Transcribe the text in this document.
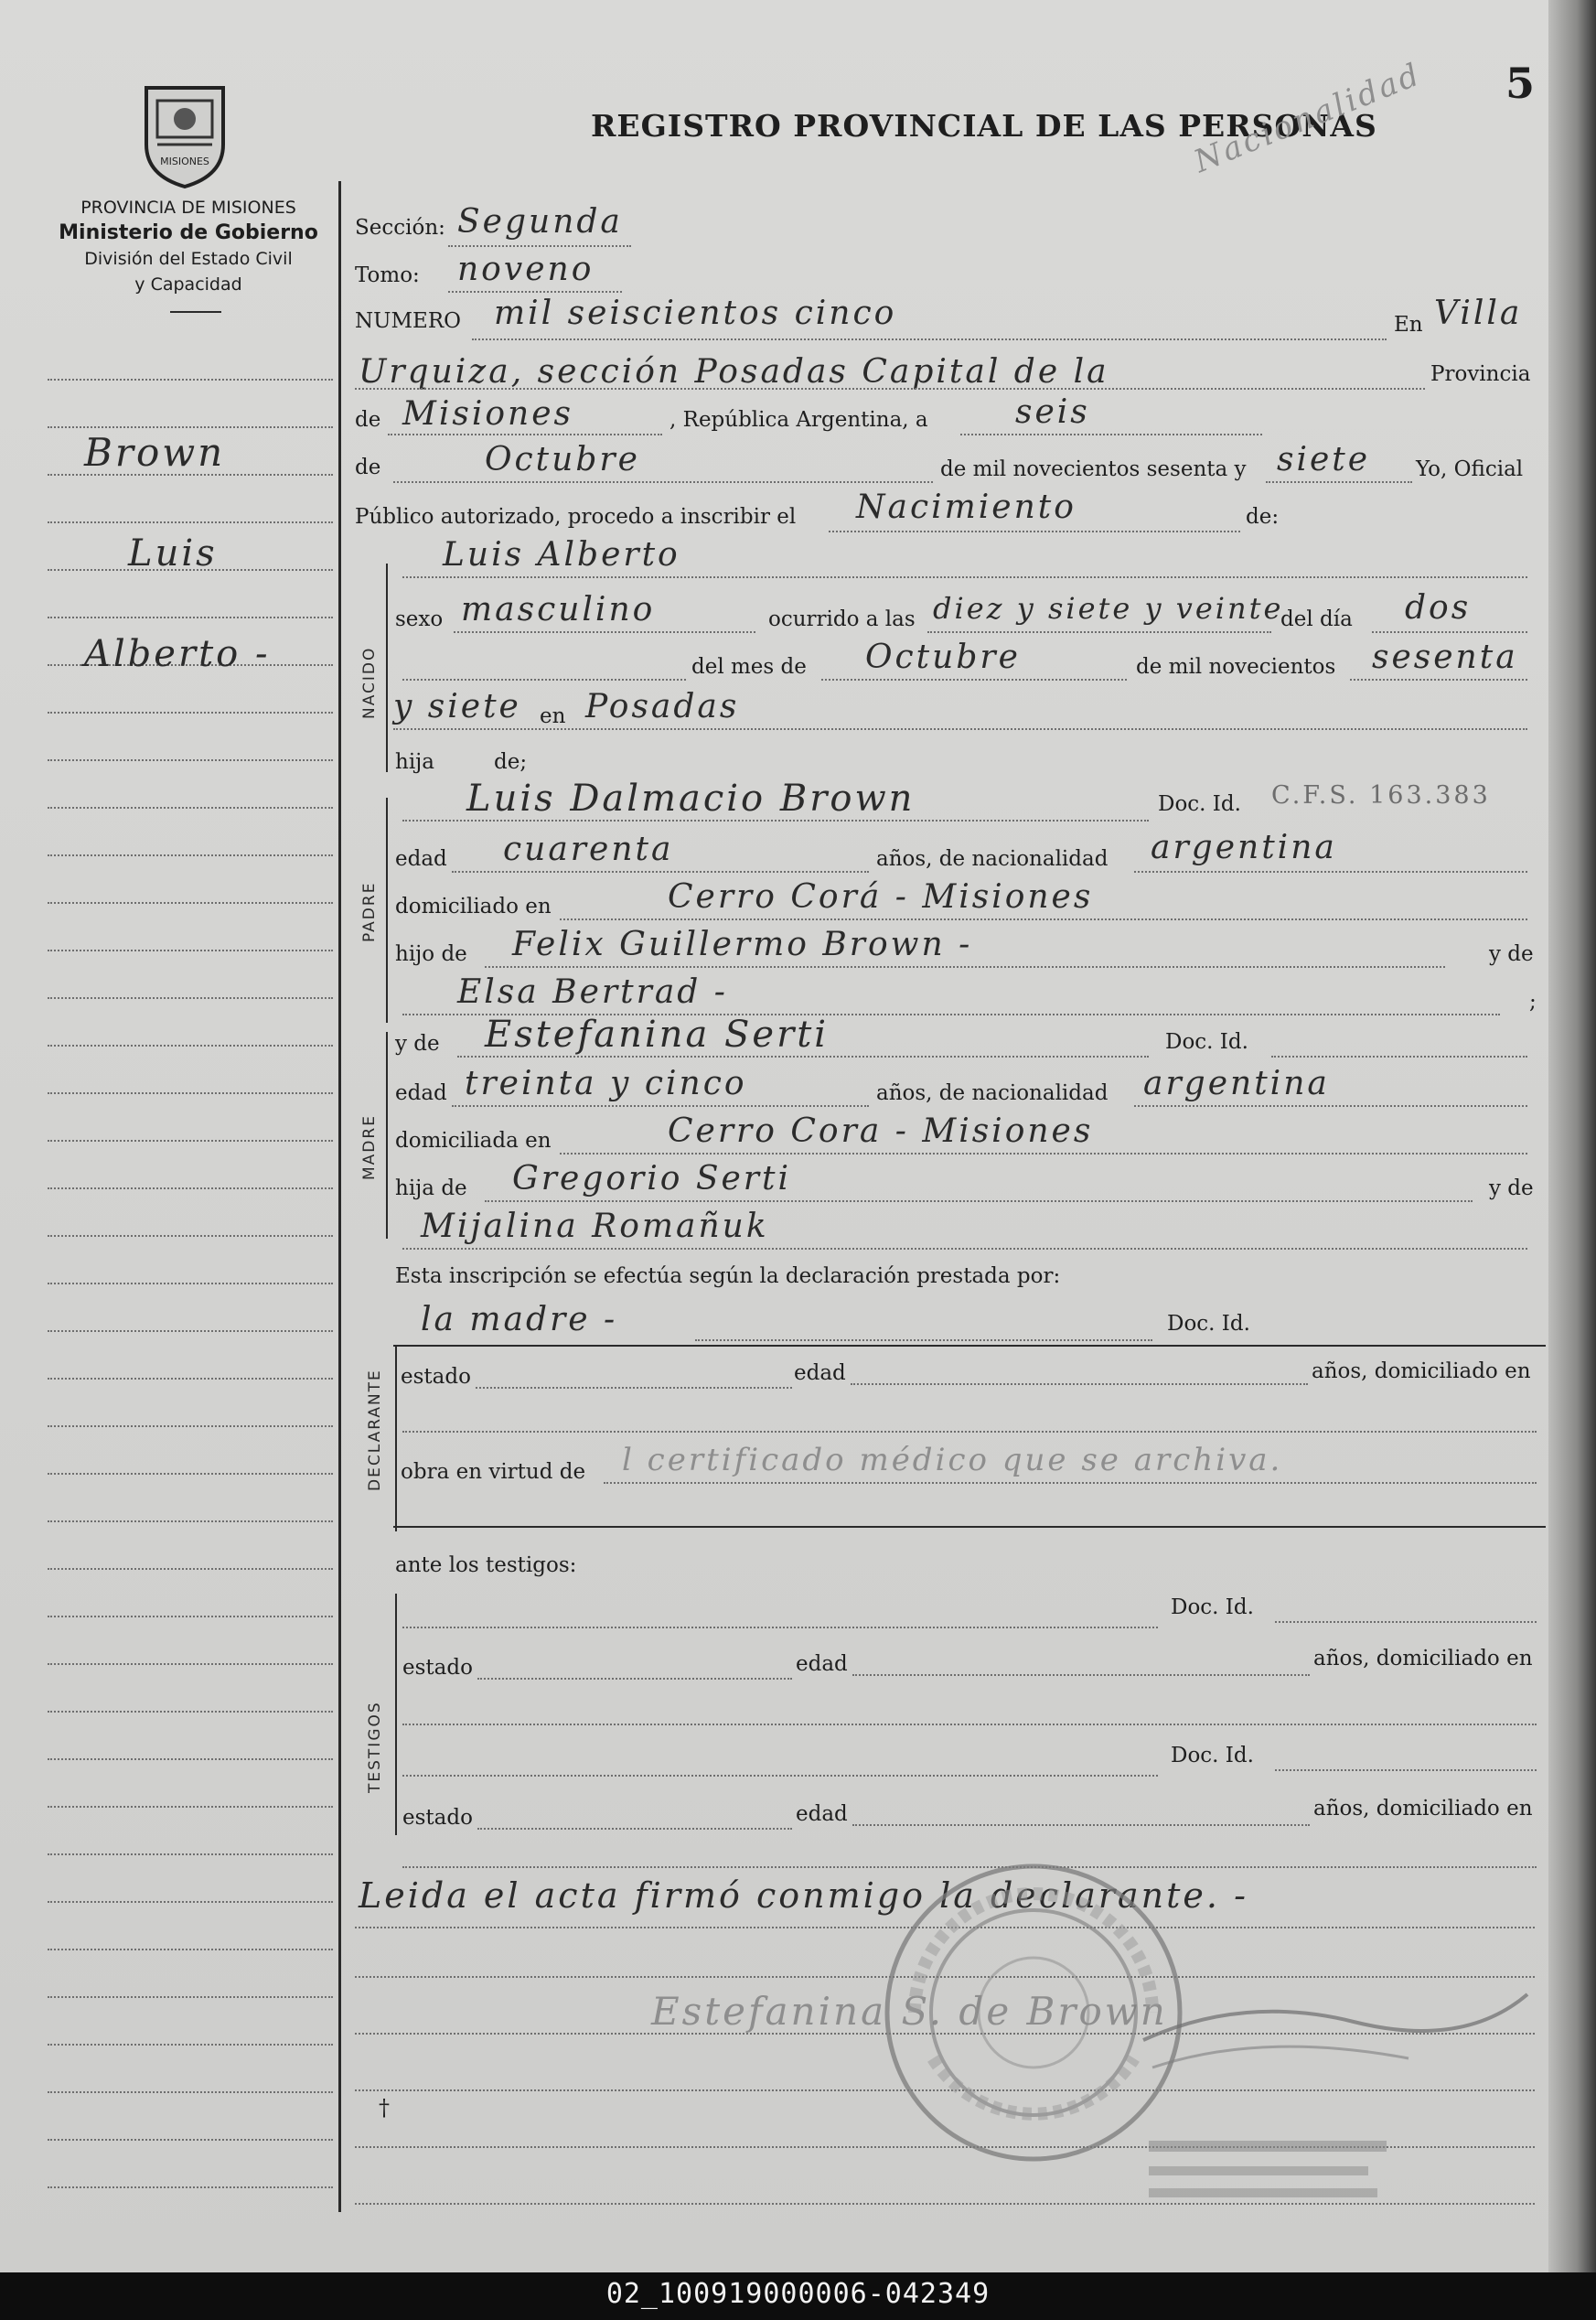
MISIONES
PROVINCIA DE MISIONES
Ministerio de Gobierno
División del Estado Civil
y Capacidad
REGISTRO PROVINCIAL DE LAS PERSONAS
5
Nacionalidad
Brown
Luis
Alberto -
Sección: Segunda
Tomo: noveno
NUMERO mil seiscientos cinco	En Villa
Urquiza, sección Posadas Capital de la	Provincia
de Misiones	, República Argentina, a	seis
de	Octubre	de mil novecientos sesenta y siete Yo, Oficial
Público autorizado, procedo a inscribir el Nacimiento	de:
NACIDO
PADRE
MADRE
DECLARANTE
TESTIGOS
Luis Alberto
sexo masculino	ocurrido a las diez y siete y veinte
del día dos
del mes de Octubre	de mil novecientos sesenta
y siete en Posadas
hija	de;
Luis Dalmacio Brown	Doc. Id. C.F.S. 163.383
edad cuarenta	años, de nacionalidad argentina
domiciliado en	Cerro Corá - Misiones
hijo de Felix Guillermo Brown -	y de
Elsa Bertrad -	;
y de Estefanina Serti	Doc. Id.
edad treinta y cinco	años, de nacionalidad argentina
domiciliada en	Cerro Cora - Misiones
hija de Gregorio Serti	y de
Mijalina Romañuk
Esta inscripción se efectúa según la declaración prestada por:
la madre -	Doc. Id.
estado	edad	años, domiciliado en
obra en virtud de l certificado médico que se archiva.
ante los testigos:
Doc. Id.
estado	edad	años, domiciliado en
Doc. Id.
estado	edad	años, domiciliado en
Leida el acta firmó conmigo la declarante. -
Estefanina S. de Brown
†
02_100919000006-042349
